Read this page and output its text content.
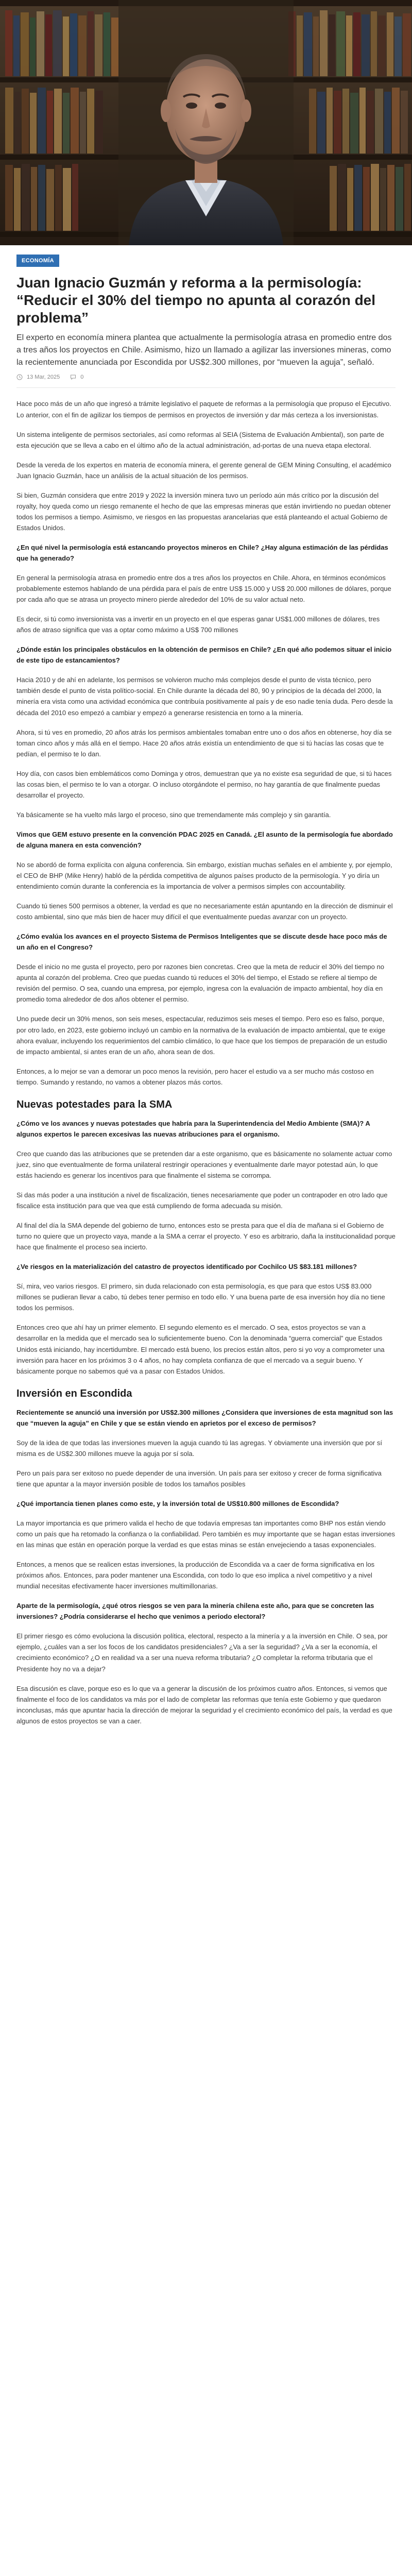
ECONOMÍA
Juan Ignacio Guzmán y reforma a la permisología: “Reducir el 30% del tiempo no apunta al corazón del problema”
El experto en economía minera plantea que actualmente la permisología atrasa en promedio entre dos a tres años los proyectos en Chile. Asimismo, hizo un llamado a agilizar las inversiones mineras, como la recientemente anunciada por Escondida por US$2.300 millones, por “mueven la aguja”, señaló.
13 Mar, 2025	0

Hace poco más de un año que ingresó a trámite legislativo el paquete de reformas a la permisología que propuso el Ejecutivo. Lo anterior, con el fin de agilizar los tiempos de permisos en proyectos de inversión y dar más certeza a los inversionistas.

Un sistema inteligente de permisos sectoriales, así como reformas al SEIA (Sistema de Evaluación Ambiental), son parte de esta ejecución que se lleva a cabo en el último año de la actual administración, ad-portas de una nueva etapa electoral.

Desde la vereda de los expertos en materia de economía minera, el gerente general de GEM Mining Consulting, el académico Juan Ignacio Guzmán, hace un análisis de la actual situación de los permisos.

Si bien, Guzmán considera que entre 2019 y 2022 la inversión minera tuvo un período aún más crítico por la discusión del royalty, hoy queda como un riesgo remanente el hecho de que las empresas mineras que están invirtiendo no puedan obtener todos los permisos a tiempo. Asimismo, ve riesgos en las propuestas arancelarias que está planteando el actual Gobierno de Estados Unidos.

¿En qué nivel la permisología está estancando proyectos mineros en Chile? ¿Hay alguna estimación de las pérdidas que ha generado?

En general la permisología atrasa en promedio entre dos a tres años los proyectos en Chile. Ahora, en términos económicos probablemente estemos hablando de una pérdida para el país de entre US$ 15.000 y US$ 20.000 millones de dólares, porque por cada año que se atrasa un proyecto minero pierde alrededor del 10% de su valor actual neto.

Es decir, si tú como inversionista vas a invertir en un proyecto en el que esperas ganar US$1.000 millones de dólares, tres años de atraso significa que vas a optar como máximo a US$ 700 millones

¿Dónde están los principales obstáculos en la obtención de permisos en Chile? ¿En qué año podemos situar el inicio de este tipo de estancamientos?

Hacia 2010 y de ahí en adelante, los permisos se volvieron mucho más complejos desde el punto de vista técnico, pero también desde el punto de vista político-social. En Chile durante la década del 80, 90 y principios de la década del 2000, la minería era vista como una actividad económica que contribuía positivamente al país y de eso nadie tenía duda. Pero desde la década del 2010 eso empezó a cambiar y empezó a generarse resistencia en torno a la minería.

Ahora, si tú ves en promedio, 20 años atrás los permisos ambientales tomaban entre uno o dos años en obtenerse, hoy día se toman cinco años y más allá en el tiempo. Hace 20 años atrás existía un entendimiento de que si tú hacías las cosas que te pedían, el permiso te lo dan.

Hoy día, con casos bien emblemáticos como Dominga y otros, demuestran que ya no existe esa seguridad de que, si tú haces las cosas bien, el permiso te lo van a otorgar. O incluso otorgándote el permiso, no hay garantía de que finalmente puedas desarrollar el proyecto.

Ya básicamente se ha vuelto más largo el proceso, sino que tremendamente más complejo y sin garantía.

Vimos que GEM estuvo presente en la convención PDAC 2025 en Canadá. ¿El asunto de la permisología fue abordado de alguna manera en esta convención?

No se abordó de forma explícita con alguna conferencia. Sin embargo, existían muchas señales en el ambiente y, por ejemplo, el CEO de BHP (Mike Henry) habló de la pérdida competitiva de algunos países producto de la permisología. Y yo diría un entendimiento común durante la conferencia es la importancia de volver a permisos simples con accountability.

Cuando tú tienes 500 permisos a obtener, la verdad es que no necesariamente están apuntando en la dirección de disminuir el costo ambiental, sino que más bien de hacer muy difícil el que eventualmente puedas avanzar con un proyecto.

¿Cómo evalúa los avances en el proyecto Sistema de Permisos Inteligentes que se discute desde hace poco más de un año en el Congreso?

Desde el inicio no me gusta el proyecto, pero por razones bien concretas. Creo que la meta de reducir el 30% del tiempo no apunta al corazón del problema. Creo que puedas cuando tú reduces el 30% del tiempo, el Estado se refiere al tiempo de revisión del permiso. O sea, cuando una empresa, por ejemplo, ingresa con la evaluación de impacto ambiental, hoy día en promedio toma alrededor de dos años obtener el permiso.

Uno puede decir un 30% menos, son seis meses, espectacular, reduzimos seis meses el tiempo. Pero eso es falso, porque, por otro lado, en 2023, este gobierno incluyó un cambio en la normativa de la evaluación de impacto ambiental, que te exige ahora evaluar, incluyendo los requerimientos del cambio climático, lo que hace que los tiempos de preparación de un estudio de impacto ambiental, si antes eran de un año, ahora sean de dos.

Entonces, a lo mejor se van a demorar un poco menos la revisión, pero hacer el estudio va a ser mucho más costoso en tiempo. Sumando y restando, no vamos a obtener plazos más cortos.

Nuevas potestades para la SMA

¿Cómo ve los avances y nuevas potestades que habría para la Superintendencia del Medio Ambiente (SMA)? A algunos expertos le parecen excesivas las nuevas atribuciones para el organismo.

Creo que cuando das las atribuciones que se pretenden dar a este organismo, que es básicamente no solamente actuar como juez, sino que eventualmente de forma unilateral restringir operaciones y eventualmente darle mayor potestad aún, lo que estás haciendo es generar los incentivos para que finalmente el sistema se corrompa.

Si das más poder a una institución a nivel de fiscalización, tienes necesariamente que poder un contrapoder en otro lado que fiscalice esta institución para que vea que está cumpliendo de forma adecuada su misión.

Al final del día la SMA depende del gobierno de turno, entonces esto se presta para que el día de mañana si el Gobierno de turno no quiere que un proyecto vaya, mande a la SMA a cerrar el proyecto. Y eso es arbitrario, daña la institucionalidad porque hace que finalmente el proceso sea incierto.

¿Ve riesgos en la materialización del catastro de proyectos identificado por Cochilco US $83.181 millones?

Sí, mira, veo varios riesgos. El primero, sin duda relacionado con esta permisología, es que para que estos US$ 83.000 millones se pudieran llevar a cabo, tú debes tener permiso en todo ello. Y una buena parte de esa inversión hoy día no tiene todos los permisos.

Entonces creo que ahí hay un primer elemento. El segundo elemento es el mercado. O sea, estos proyectos se van a desarrollar en la medida que el mercado sea lo suficientemente bueno. Con la denominada “guerra comercial” que Estados Unidos está iniciando, hay incertidumbre. El mercado está bueno, los precios están altos, pero si yo voy a comprometer una inversión para hacer en los próximos 3 o 4 años, no hay completa confianza de que el mercado va a seguir bueno. Y básicamente porque no sabemos qué va a pasar con Estados Unidos.

Inversión en Escondida

Recientemente se anunció una inversión por US$2.300 millones ¿Considera que inversiones de esta magnitud son las que “mueven la aguja” en Chile y que se están viendo en aprietos por el exceso de permisos?

Soy de la idea de que todas las inversiones mueven la aguja cuando tú las agregas. Y obviamente una inversión que por sí misma es de US$2.300 millones mueve la aguja por sí sola.

Pero un país para ser exitoso no puede depender de una inversión. Un país para ser exitoso y crecer de forma significativa tiene que apuntar a la mayor inversión posible de todos los tamaños posibles

¿Qué importancia tienen planes como este, y la inversión total de US$10.800 millones de Escondida?

La mayor importancia es que primero valida el hecho de que todavía empresas tan importantes como BHP nos están viendo como un país que ha retomado la confianza o la confiabilidad. Pero también es muy importante que se hagan estas inversiones en las minas que están en operación porque la verdad es que estas minas se están envejeciendo a tasas exponenciales.

Entonces, a menos que se realicen estas inversiones, la producción de Escondida va a caer de forma significativa en los próximos años. Entonces, para poder mantener una Escondida, con todo lo que eso implica a nivel competitivo y a nivel mundial necesitas efectivamente hacer inversiones multimillonarias.

Aparte de la permisología, ¿qué otros riesgos se ven para la minería chilena este año, para que se concreten las inversiones? ¿Podría considerarse el hecho que venimos a periodo electoral?

El primer riesgo es cómo evoluciona la discusión política, electoral, respecto a la minería y a la inversión en Chile. O sea, por ejemplo, ¿cuáles van a ser los focos de los candidatos presidenciales? ¿Va a ser la seguridad? ¿Va a ser la economía, el crecimiento económico? ¿O en realidad va a ser una nueva reforma tributaria? ¿O completar la reforma tributaria que el Presidente hoy no va a dejar?

Esa discusión es clave, porque eso es lo que va a generar la discusión de los próximos cuatro años. Entonces, si vemos que finalmente el foco de los candidatos va más por el lado de completar las reformas que tenía este Gobierno y que quedaron inconclusas, más que apuntar hacia la dirección de mejorar la seguridad y el crecimiento económico del país, la verdad es que algunos de estos proyectos se van a caer.
